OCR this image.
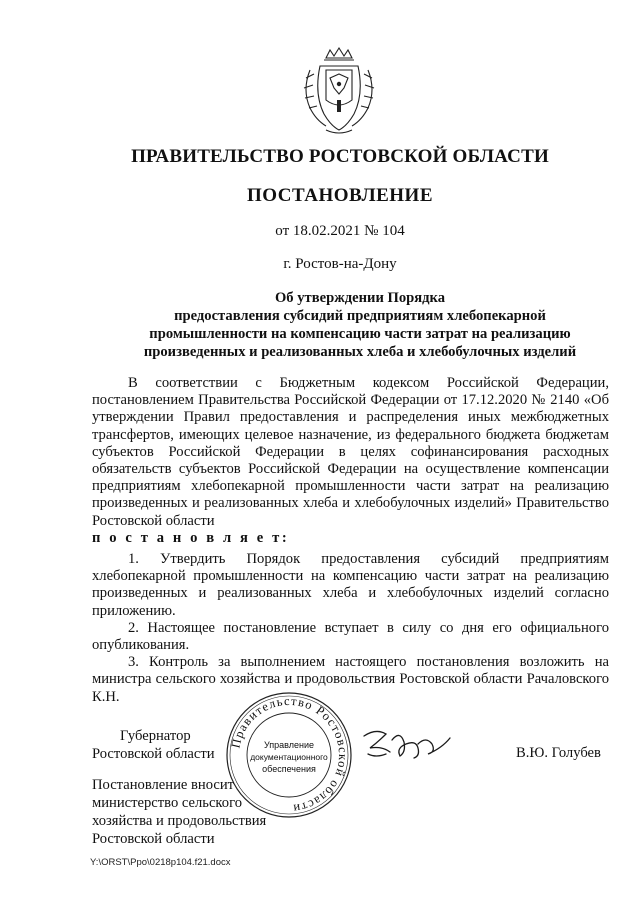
ПРАВИТЕЛЬСТВО РОСТОВСКОЙ ОБЛАСТИ
ПОСТАНОВЛЕНИЕ
от 18.02.2021 № 104
г. Ростов-на-Дону
Об утверждении Порядка
предоставления субсидий предприятиям хлебопекарной
промышленности на компенсацию части затрат на реализацию
произведенных и реализованных хлеба и хлебобулочных изделий
В соответствии с Бюджетным кодексом Российской Федерации, постановлением Правительства Российской Федерации от 17.12.2020 № 2140 «Об утверждении Правил предоставления и распределения иных межбюджетных трансфертов, имеющих целевое назначение, из федерального бюджета бюджетам субъектов Российской Федерации в целях софинансирования расходных обязательств субъектов Российской Федерации на осуществление компенсации предприятиям хлебопекарной промышленности части затрат на реализацию произведенных и реализованных хлеба и хлебобулочных изделий» Правительство Ростовской области
п о с т а н о в л я е т:

1. Утвердить Порядок предоставления субсидий предприятиям хлебопекарной промышленности на компенсацию части затрат на реализацию произведенных и реализованных хлеба и хлебобулочных изделий согласно приложению.

2. Настоящее постановление вступает в силу со дня его официального опубликования.

3. Контроль за выполнением настоящего постановления возложить на министра сельского хозяйства и продовольствия Ростовской области Рачаловского К.Н.

Губернатор
Ростовской области	В.Ю. Голубев
Правительство Ростовской области
Управление
документационного
обеспечения
Постановление вносит
министерство сельского
хозяйства и продовольствия
Ростовской области
Y:\ORST\Ppo\0218p104.f21.docx
